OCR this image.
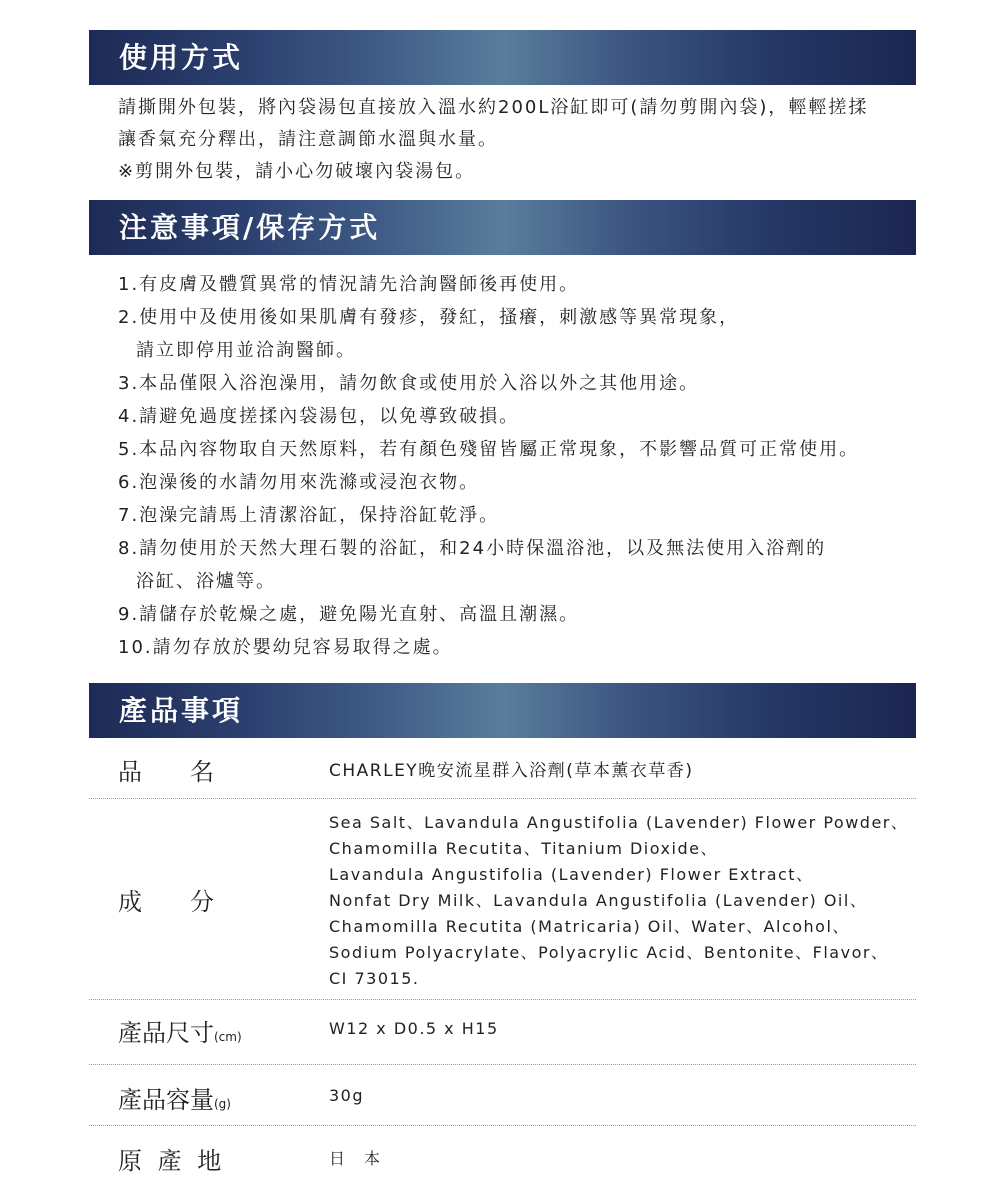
使用方式
請撕開外包裝，將內袋湯包直接放入溫水約200L浴缸即可(請勿剪開內袋)，輕輕搓揉
讓香氣充分釋出，請注意調節水溫與水量。
※剪開外包裝，請小心勿破壞內袋湯包。
注意事項/保存方式
1.有皮膚及體質異常的情況請先洽詢醫師後再使用。
2.使用中及使用後如果肌膚有發疹，發紅，搔癢，刺激感等異常現象，
請立即停用並洽詢醫師。
3.本品僅限入浴泡澡用，請勿飲食或使用於入浴以外之其他用途。
4.請避免過度搓揉內袋湯包，以免導致破損。
5.本品內容物取自天然原料，若有顏色殘留皆屬正常現象，不影響品質可正常使用。
6.泡澡後的水請勿用來洗滌或浸泡衣物。
7.泡澡完請馬上清潔浴缸，保持浴缸乾淨。
8.請勿使用於天然大理石製的浴缸，和24小時保溫浴池，以及無法使用入浴劑的
浴缸、浴爐等。
9.請儲存於乾燥之處，避免陽光直射、高溫且潮濕。
10.請勿存放於嬰幼兒容易取得之處。
產品事項
品　　名	CHARLEY晚安流星群入浴劑(草本薰衣草香)
成　　分
Sea Salt、Lavandula Angustifolia (Lavender) Flower Powder、
Chamomilla Recutita、Titanium Dioxide、
Lavandula Angustifolia (Lavender) Flower Extract、
Nonfat Dry Milk、Lavandula Angustifolia (Lavender) Oil、
Chamomilla Recutita (Matricaria) Oil、Water、Alcohol、
Sodium Polyacrylate、Polyacrylic Acid、Bentonite、Flavor、
CI 73015.
產品尺寸(cm)	W12 x D0.5 x H15
產品容量(g)	30g
原 產 地	日　本
